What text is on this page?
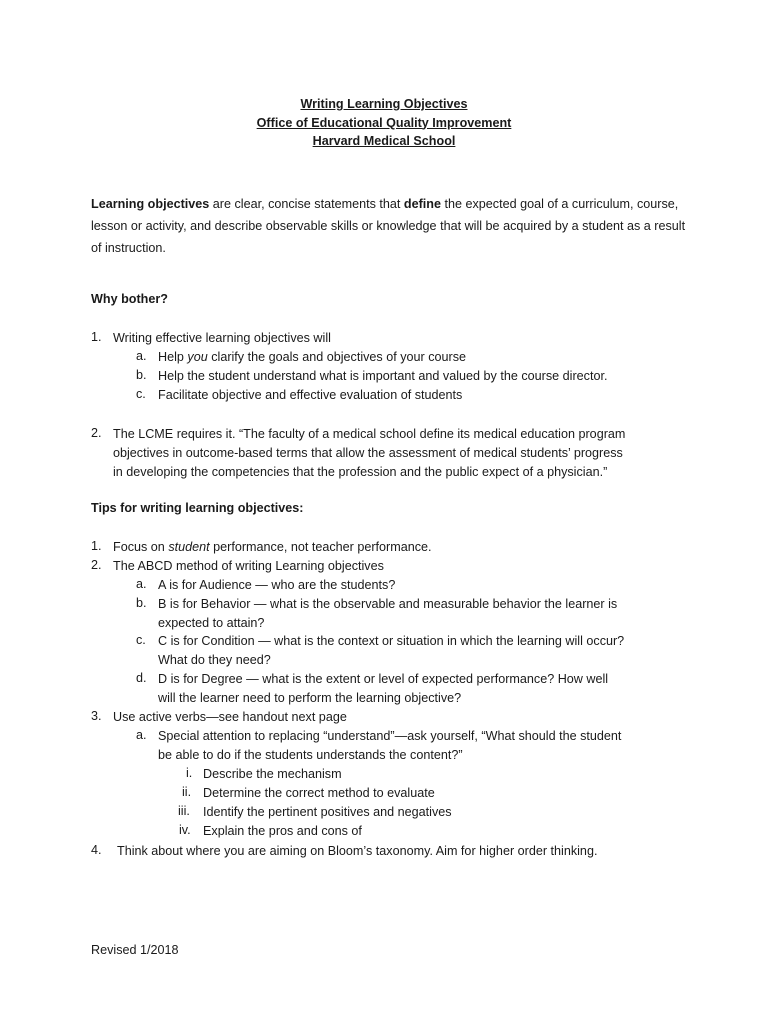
Writing Learning Objectives
Office of Educational Quality Improvement
Harvard Medical School
Learning objectives are clear, concise statements that define the expected goal of a curriculum, course, lesson or activity, and describe observable skills or knowledge that will be acquired by a student as a result of instruction.
Why bother?
1. Writing effective learning objectives will
a. Help you clarify the goals and objectives of your course
b. Help the student understand what is important and valued by the course director.
c. Facilitate objective and effective evaluation of students
2. The LCME requires it. “The faculty of a medical school define its medical education program
objectives in outcome-based terms that allow the assessment of medical students’ progress
in developing the competencies that the profession and the public expect of a physician.”
Tips for writing learning objectives:
1. Focus on student performance, not teacher performance.
2. The ABCD method of writing Learning objectives
a. A is for Audience — who are the students?
b. B is for Behavior — what is the observable and measurable behavior the learner is
expected to attain?
c. C is for Condition — what is the context or situation in which the learning will occur?
What do they need?
d. D is for Degree — what is the extent or level of expected performance? How well
will the learner need to perform the learning objective?
3. Use active verbs—see handout next page
a. Special attention to replacing “understand”—ask yourself, “What should the student
be able to do if the students understands the content?”
i. Describe the mechanism
ii. Determine the correct method to evaluate
iii. Identify the pertinent positives and negatives
iv. Explain the pros and cons of
4. Think about where you are aiming on Bloom’s taxonomy. Aim for higher order thinking.
Revised 1/2018
